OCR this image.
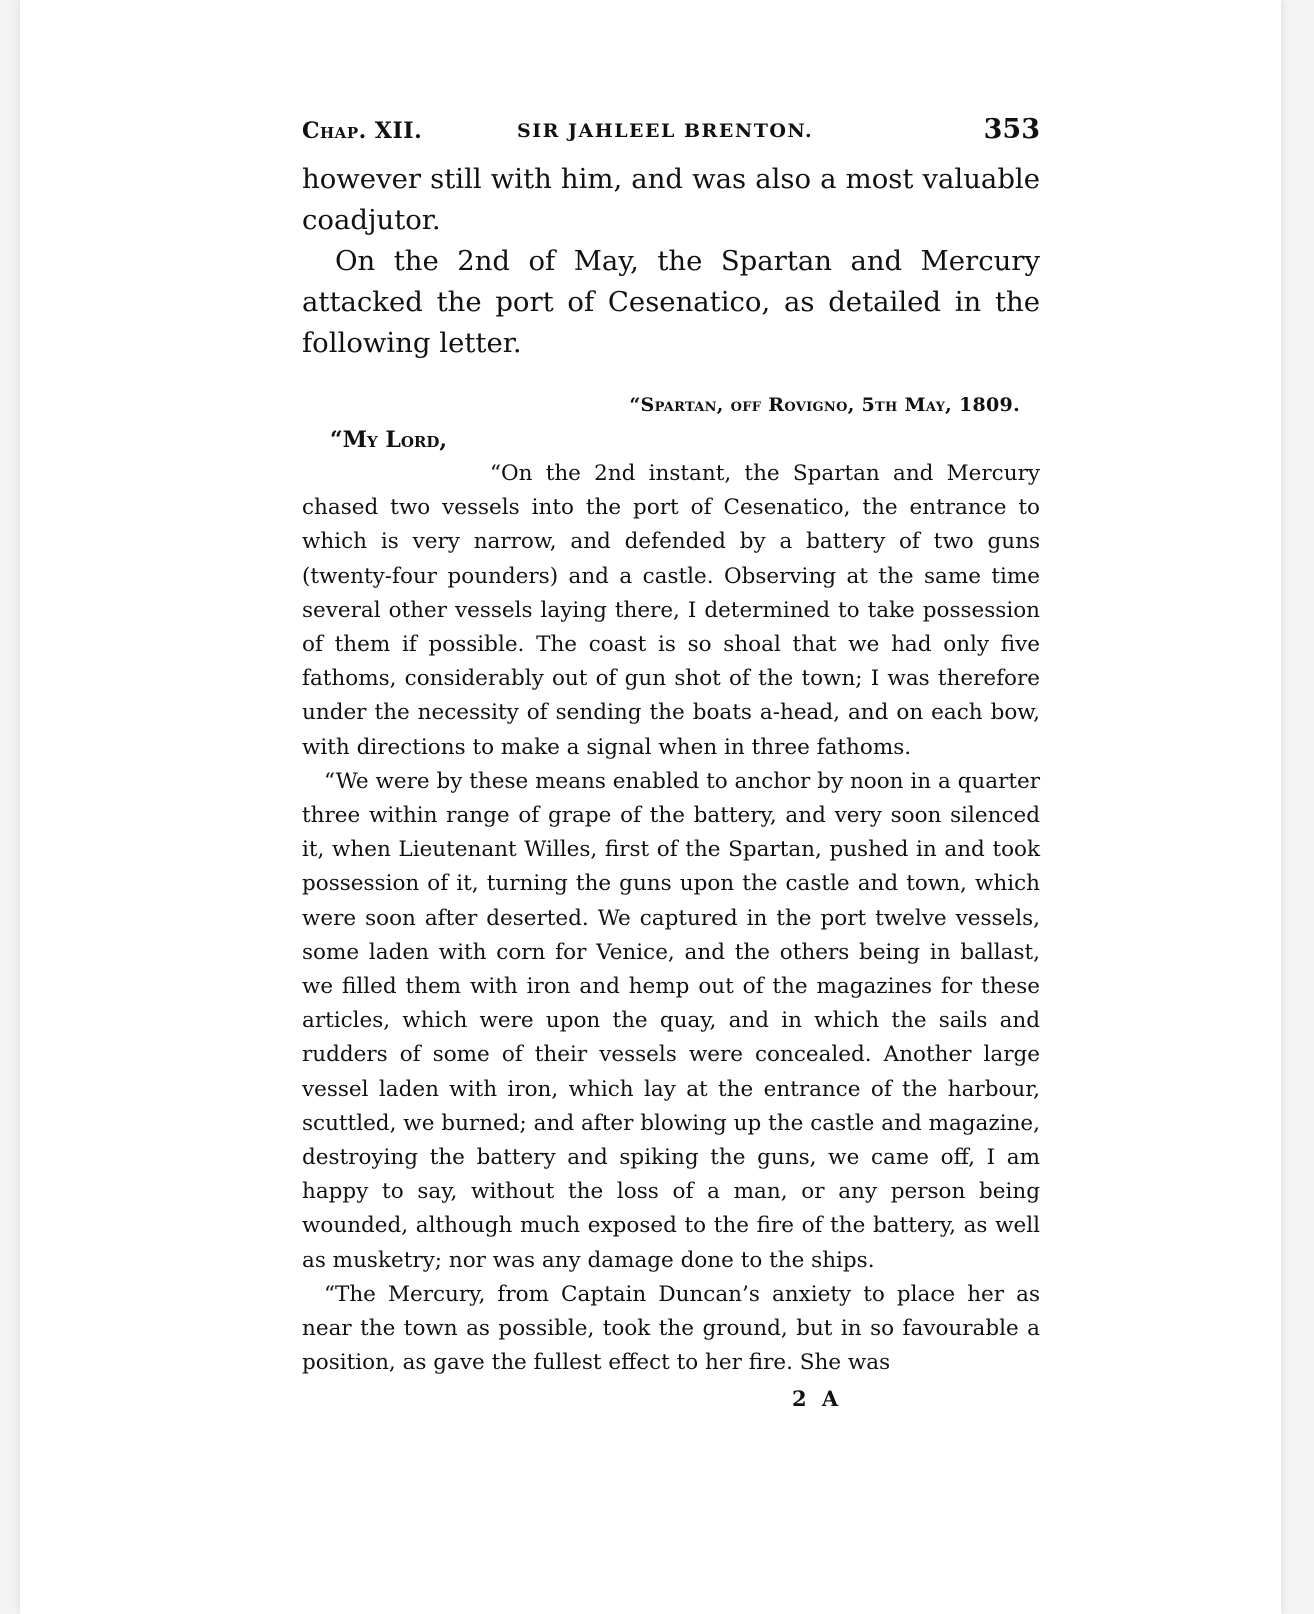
Chap. XII.	SIR JAHLEEL BRENTON.	353

however still with him, and was also a most valuable coadjutor.

On the 2nd of May, the Spartan and Mercury attacked the port of Cesenatico, as detailed in the following letter.

“Spartan, off Rovigno, 5th May, 1809.
“My Lord,

“On the 2nd instant, the Spartan and Mercury chased two vessels into the port of Cesenatico, the entrance to which is very narrow, and defended by a battery of two guns (twenty-four pounders) and a castle. Observing at the same time several other vessels laying there, I determined to take possession of them if possible. The coast is so shoal that we had only five fathoms, considerably out of gun shot of the town; I was therefore under the necessity of sending the boats a-head, and on each bow, with directions to make a signal when in three fathoms.

“We were by these means enabled to anchor by noon in a quarter three within range of grape of the battery, and very soon silenced it, when Lieutenant Willes, first of the Spartan, pushed in and took possession of it, turning the guns upon the castle and town, which were soon after deserted. We captured in the port twelve vessels, some laden with corn for Venice, and the others being in ballast, we filled them with iron and hemp out of the magazines for these articles, which were upon the quay, and in which the sails and rudders of some of their vessels were concealed. Another large vessel laden with iron, which lay at the entrance of the harbour, scuttled, we burned; and after blowing up the castle and magazine, destroying the battery and spiking the guns, we came off, I am happy to say, without the loss of a man, or any person being wounded, although much exposed to the fire of the battery, as well as musketry; nor was any damage done to the ships.

“The Mercury, from Captain Duncan’s anxiety to place her as near the town as possible, took the ground, but in so favourable a position, as gave the fullest effect to her fire. She was

2 A
